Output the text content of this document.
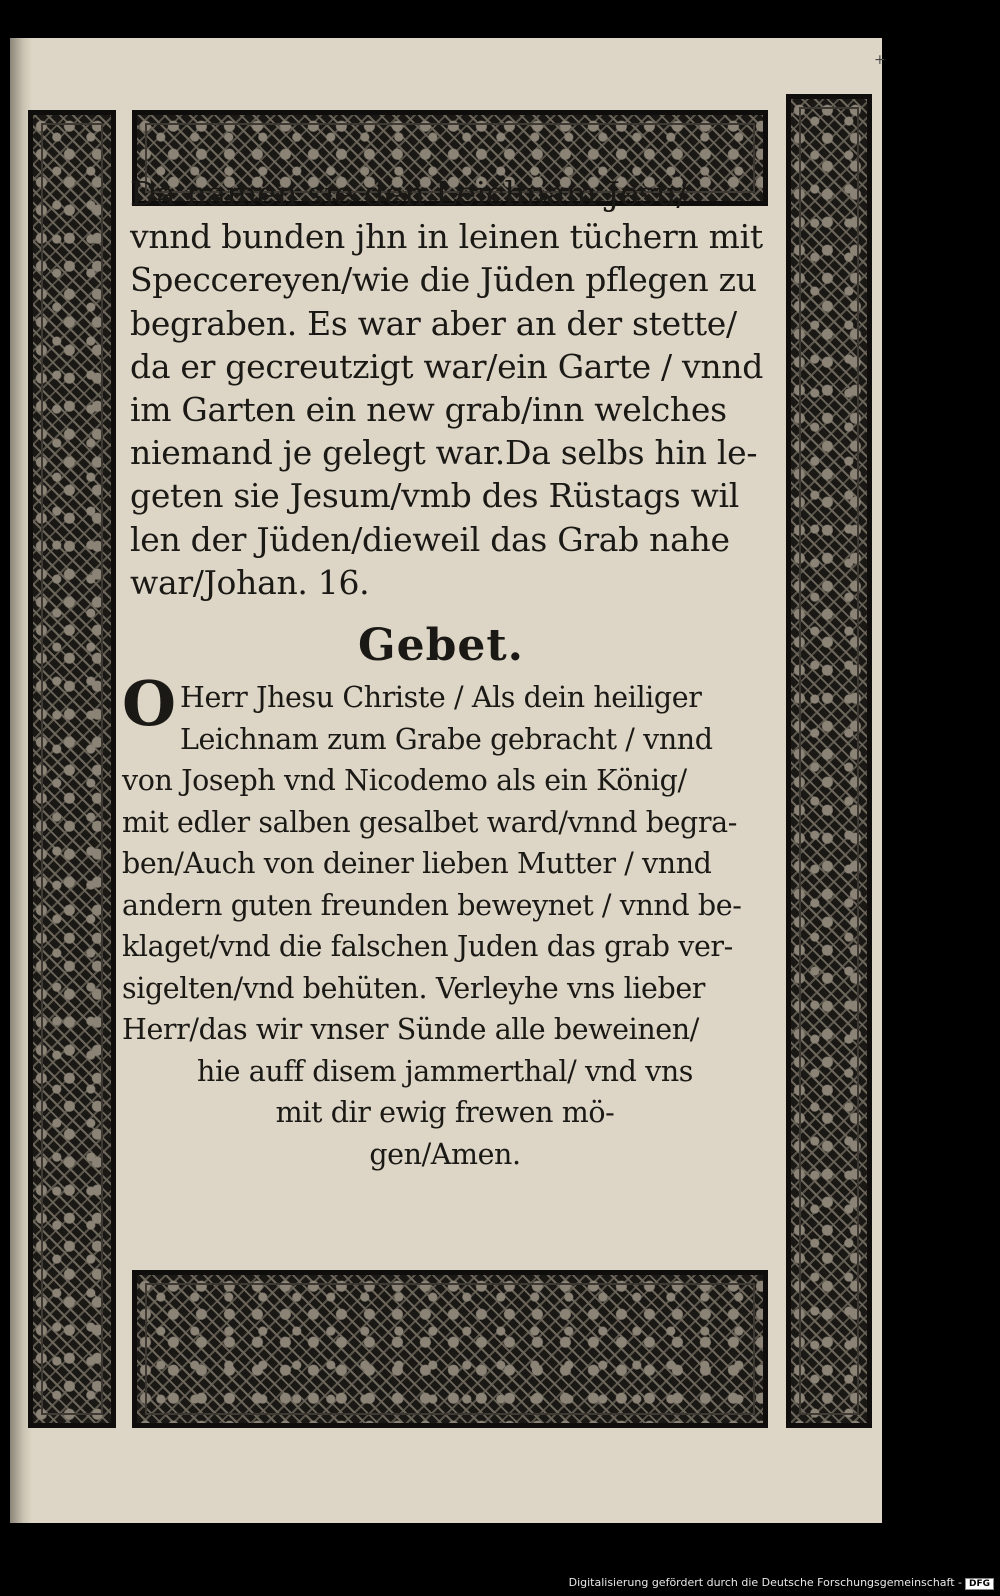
+
Da namen sie den Leichnam Jesu/
vnnd bunden jhn in leinen tüchern mit
Speccereyen/wie die Jüden pflegen zu
begraben. Es war aber an der stette/
da er gecreutzigt war/ein Garte / vnnd
im Garten ein new grab/inn welches
niemand je gelegt war.Da selbs hin le-
geten sie Jesum/vmb des Rüstags wil
len der Jüden/dieweil das Grab nahe
war/Johan. 16.
Gebet.
O Herr Jhesu Christe / Als dein heiliger
Leichnam zum Grabe gebracht / vnnd
von Joseph vnd Nicodemo als ein König/
mit edler salben gesalbet ward/vnnd begra-
ben/Auch von deiner lieben Mutter / vnnd
andern guten freunden beweynet / vnnd be-
klaget/vnd die falschen Juden das grab ver-
sigelten/vnd behüten. Verleyhe vns lieber
Herr/das wir vnser Sünde alle beweinen/
hie auff disem jammerthal/ vnd vns
mit dir ewig frewen mö-
gen/Amen.
Digitalisierung gefördert durch die Deutsche Forschungsgemeinschaft - DFG
